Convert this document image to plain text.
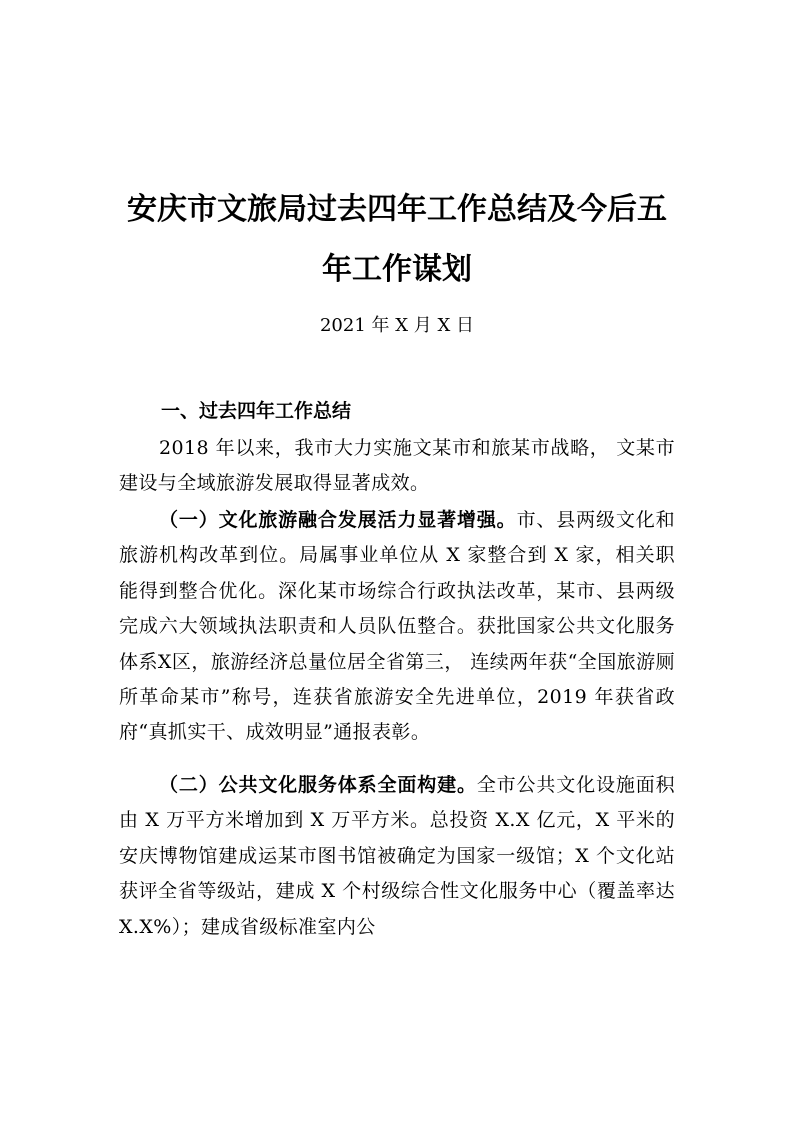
安庆市文旅局过去四年工作总结及今后五
年工作谋划
2021 年 X 月 X 日
一、过去四年工作总结

2018 年以来，我市大力实施文某市和旅某市战略， 文某市建设与全域旅游发展取得显著成效。

（一）文化旅游融合发展活力显著增强。市、县两级文化和旅游机构改革到位。局属事业单位从 X 家整合到 X 家，相关职能得到整合优化。深化某市场综合行政执法改革，某市、县两级完成六大领域执法职责和人员队伍整合。获批国家公共文化服务体系X区，旅游经济总量位居全省第三， 连续两年获“全国旅游厕所革命某市”称号，连获省旅游安全先进单位，2019 年获省政府“真抓实干、成效明显”通报表彰。

（二）公共文化服务体系全面构建。全市公共文化设施面积由 X 万平方米增加到 X 万平方米。总投资 X.X 亿元，X 平米的安庆博物馆建成运某市图书馆被确定为国家一级馆；X 个文化站获评全省等级站，建成 X 个村级综合性文化服务中心（覆盖率达 X.X%）；建成省级标准室内公
